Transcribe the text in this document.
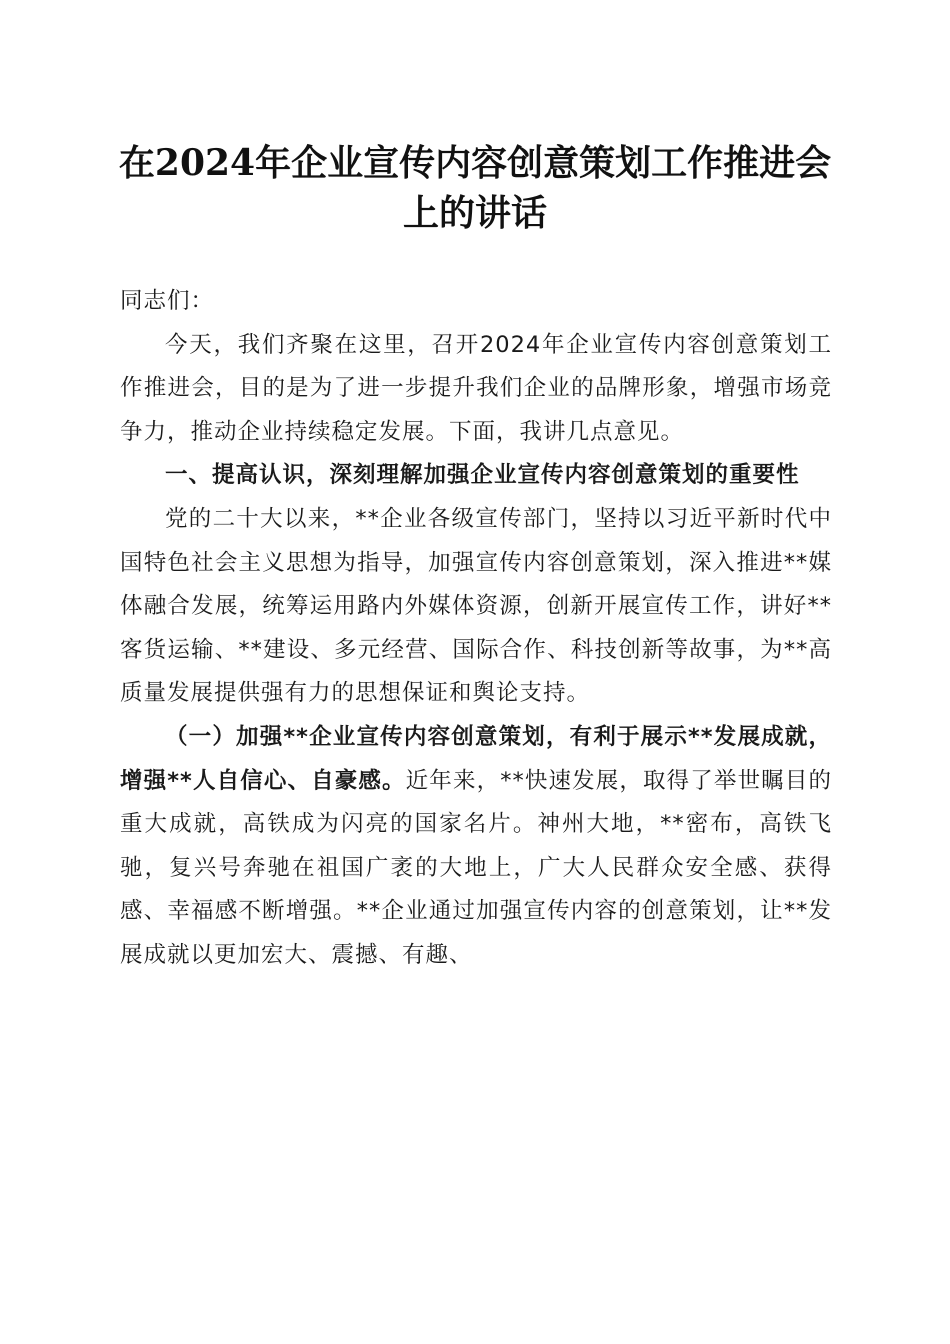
在2024年企业宣传内容创意策划工作推进会
上的讲话

同志们：

今天，我们齐聚在这里，召开2024年企业宣传内容创意策划工作推进会，目的是为了进一步提升我们企业的品牌形象，增强市场竞争力，推动企业持续稳定发展。下面，我讲几点意见。

一、提高认识，深刻理解加强企业宣传内容创意策划的重要性

党的二十大以来，**企业各级宣传部门，坚持以习近平新时代中国特色社会主义思想为指导，加强宣传内容创意策划，深入推进**媒体融合发展，统筹运用路内外媒体资源，创新开展宣传工作，讲好**客货运输、**建设、多元经营、国际合作、科技创新等故事，为**高质量发展提供强有力的思想保证和舆论支持。

（一）加强**企业宣传内容创意策划，有利于展示**发展成就，增强**人自信心、自豪感。近年来，**快速发展，取得了举世瞩目的重大成就，高铁成为闪亮的国家名片。神州大地，**密布，高铁飞驰，复兴号奔驰在祖国广袤的大地上，广大人民群众安全感、获得感、幸福感不断增强。**企业通过加强宣传内容的创意策划，让**发展成就以更加宏大、震撼、有趣、
